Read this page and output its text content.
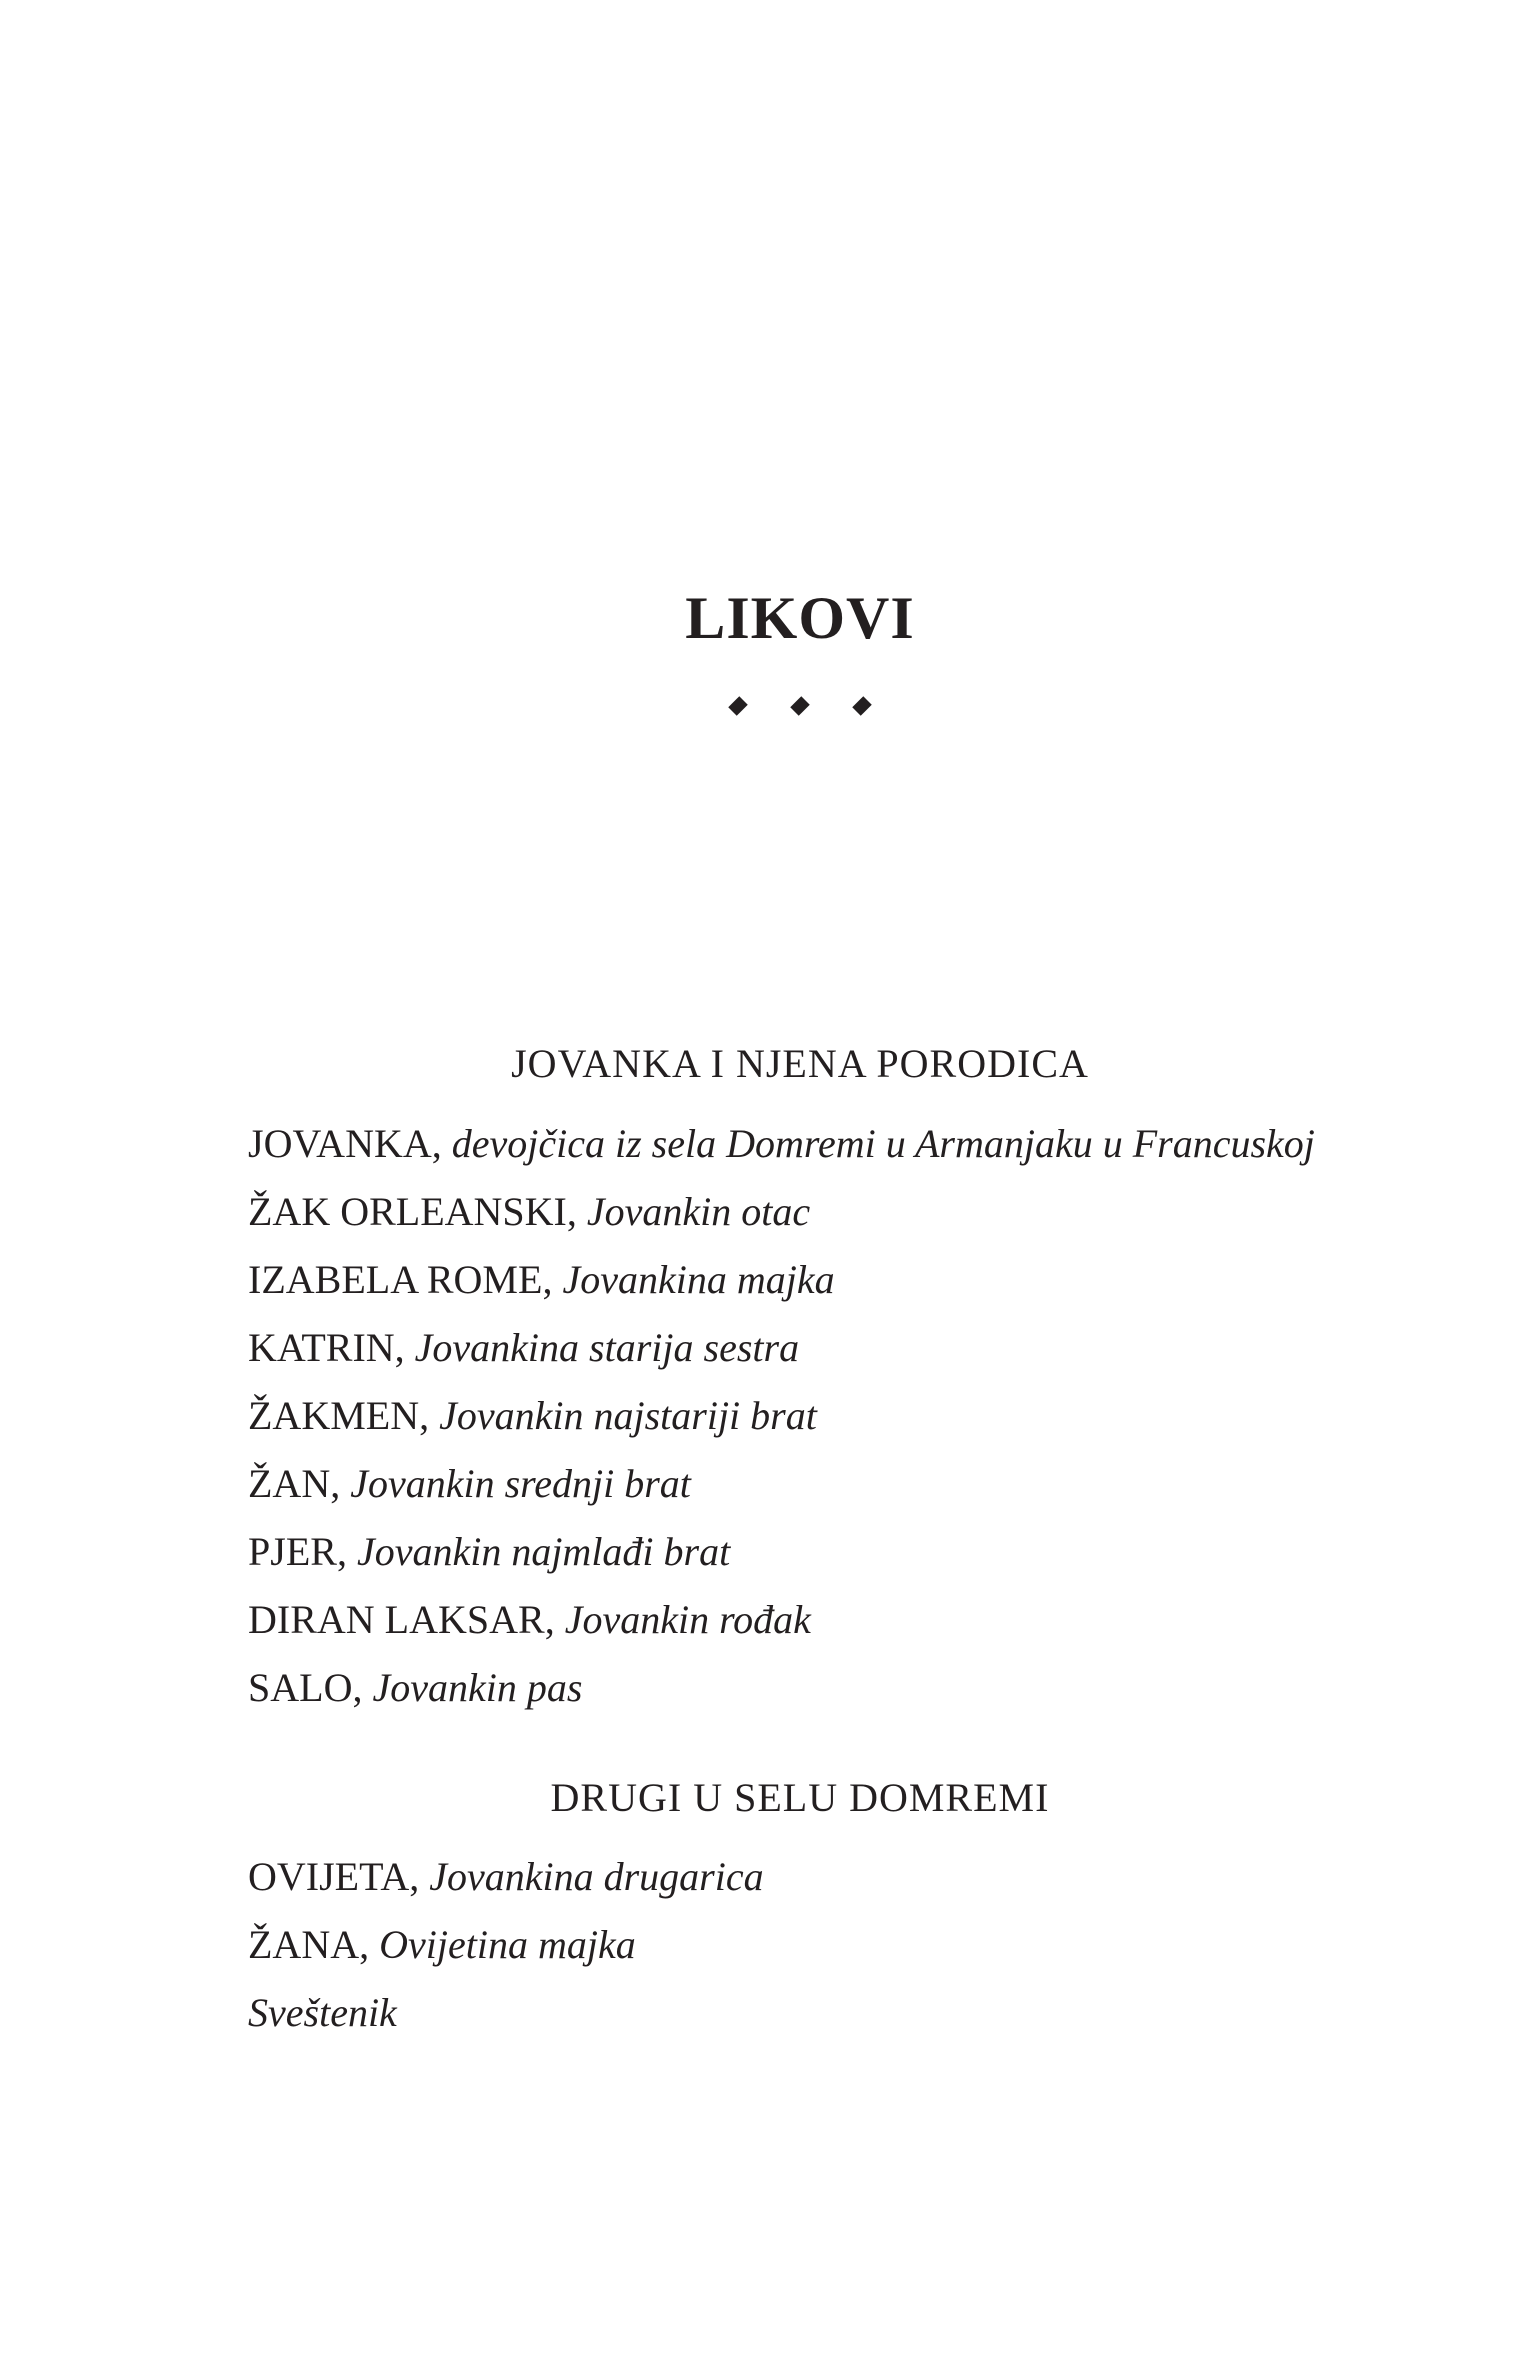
LIKOVI
JOVANKA I NJENA PORODICA
JOVANKA, devojčica iz sela Domremi u Armanjaku u Francuskoj
ŽAK ORLEANSKI, Jovankin otac
IZABELA ROME, Jovankina majka
KATRIN, Jovankina starija sestra
ŽAKMEN, Jovankin najstariji brat
ŽAN, Jovankin srednji brat
PJER, Jovankin najmlađi brat
DIRAN LAKSAR, Jovankin rođak
SALO, Jovankin pas
DRUGI U SELU DOMREMI
OVIJETA, Jovankina drugarica
ŽANA, Ovijetina majka
Sveštenik
